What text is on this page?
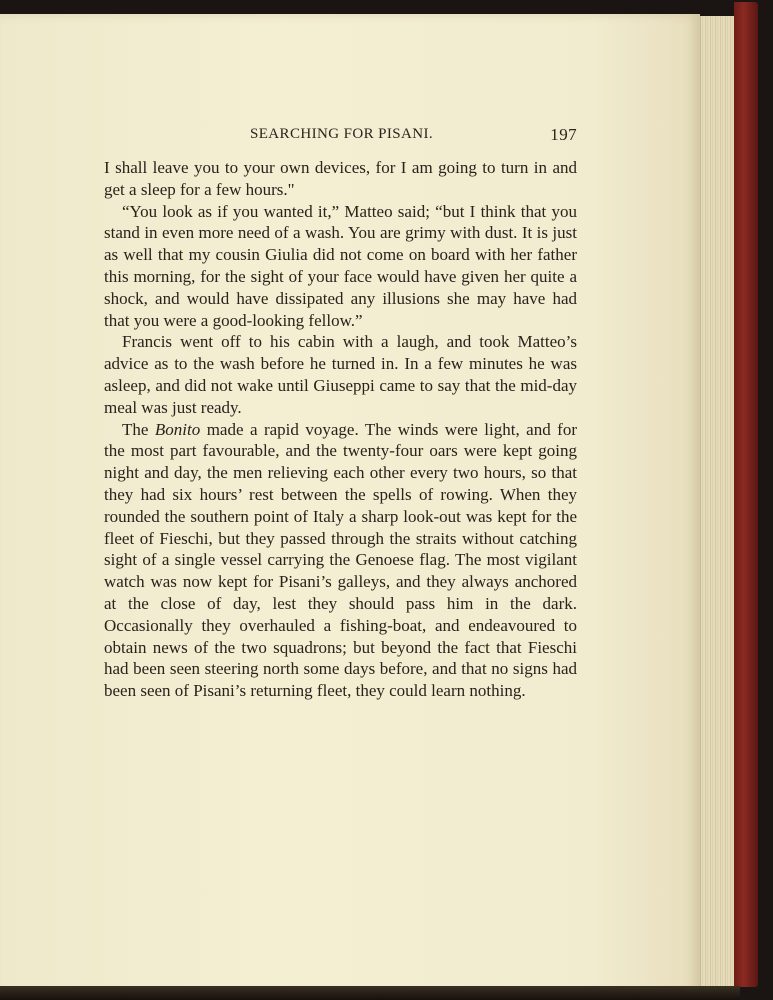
SEARCHING FOR PISANI.	197

I shall leave you to your own devices, for I am going to turn in and get a sleep for a few hours."

“You look as if you wanted it,” Matteo said; “but I think that you stand in even more need of a wash. You are grimy with dust. It is just as well that my cousin Giulia did not come on board with her father this morning, for the sight of your face would have given her quite a shock, and would have dissipated any illusions she may have had that you were a good-looking fellow.”

Francis went off to his cabin with a laugh, and took Matteo’s advice as to the wash before he turned in. In a few minutes he was asleep, and did not wake until Giuseppi came to say that the mid-day meal was just ready.

The Bonito made a rapid voyage. The winds were light, and for the most part favourable, and the twenty-four oars were kept going night and day, the men relieving each other every two hours, so that they had six hours’ rest between the spells of rowing. When they rounded the southern point of Italy a sharp look-out was kept for the fleet of Fieschi, but they passed through the straits without catching sight of a single vessel carrying the Genoese flag. The most vigilant watch was now kept for Pisani’s galleys, and they always anchored at the close of day, lest they should pass him in the dark. Occasionally they overhauled a fishing-boat, and endeavoured to obtain news of the two squadrons; but beyond the fact that Fieschi had been seen steering north some days before, and that no signs had been seen of Pisani’s returning fleet, they could learn nothing.
